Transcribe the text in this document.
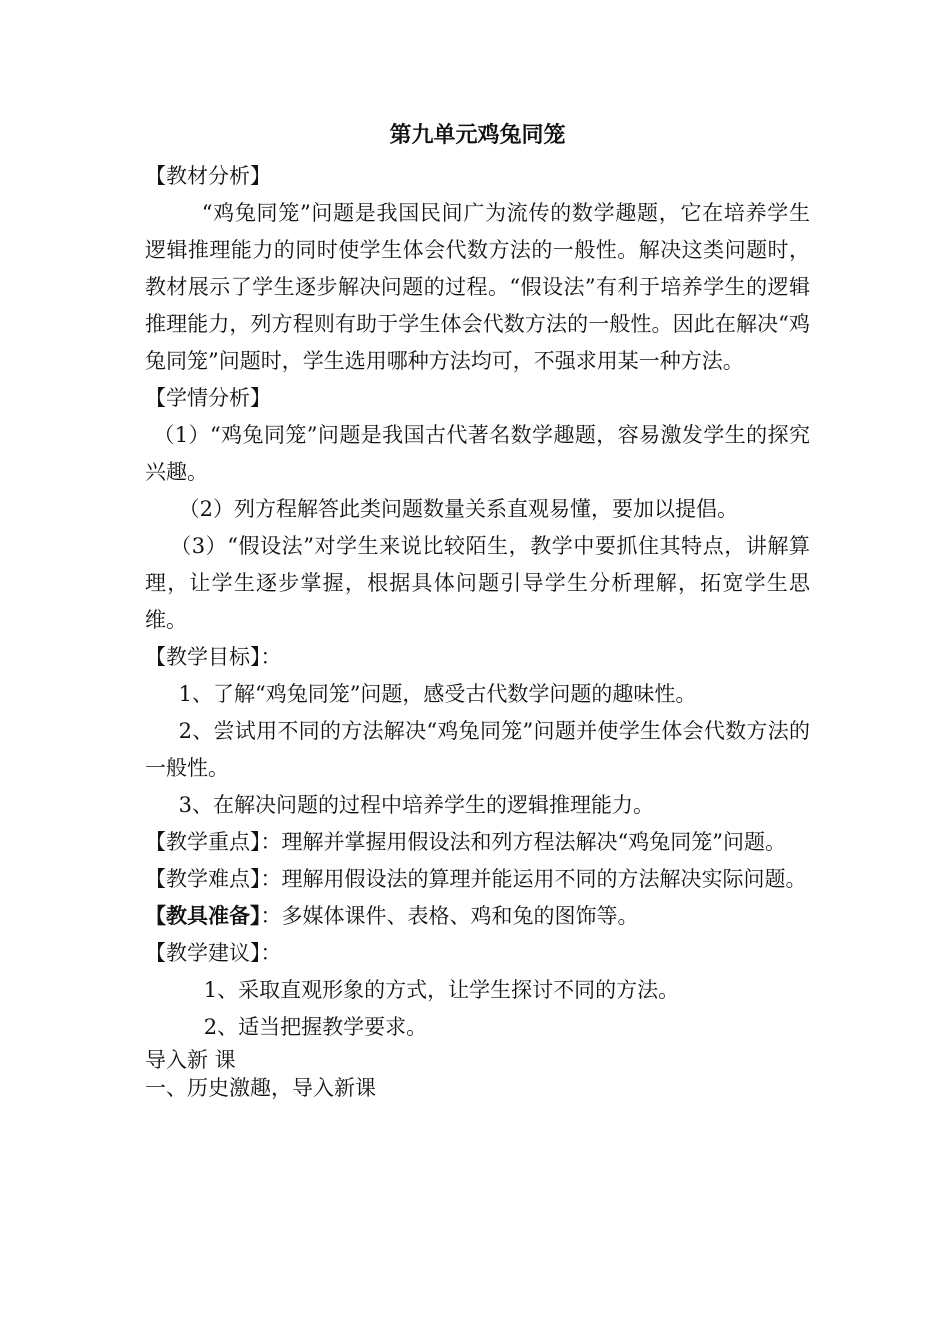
第九单元鸡兔同笼
【教材分析】

“鸡兔同笼”问题是我国民间广为流传的数学趣题，它在培养学生逻辑推理能力的同时使学生体会代数方法的一般性。解决这类问题时，教材展示了学生逐步解决问题的过程。“假设法”有利于培养学生的逻辑推理能力，列方程则有助于学生体会代数方法的一般性。因此在解决“鸡兔同笼”问题时，学生选用哪种方法均可，不强求用某一种方法。

【学情分析】

（1）“鸡兔同笼”问题是我国古代著名数学趣题，容易激发学生的探究兴趣。

（2）列方程解答此类问题数量关系直观易懂，要加以提倡。

（3）“假设法”对学生来说比较陌生，教学中要抓住其特点，讲解算理，让学生逐步掌握，根据具体问题引导学生分析理解，拓宽学生思维。

【教学目标】：

1、了解“鸡兔同笼”问题，感受古代数学问题的趣味性。

2、尝试用不同的方法解决“鸡兔同笼”问题并使学生体会代数方法的一般性。

3、在解决问题的过程中培养学生的逻辑推理能力。

【教学重点】：理解并掌握用假设法和列方程法解决“鸡兔同笼”问题。

【教学难点】：理解用假设法的算理并能运用不同的方法解决实际问题。

【教具准备】：多媒体课件、表格、鸡和兔的图饰等。

【教学建议】：

1、采取直观形象的方式，让学生探讨不同的方法。

2、适当把握教学要求。

导入新 课

一、历史激趣，导入新课
